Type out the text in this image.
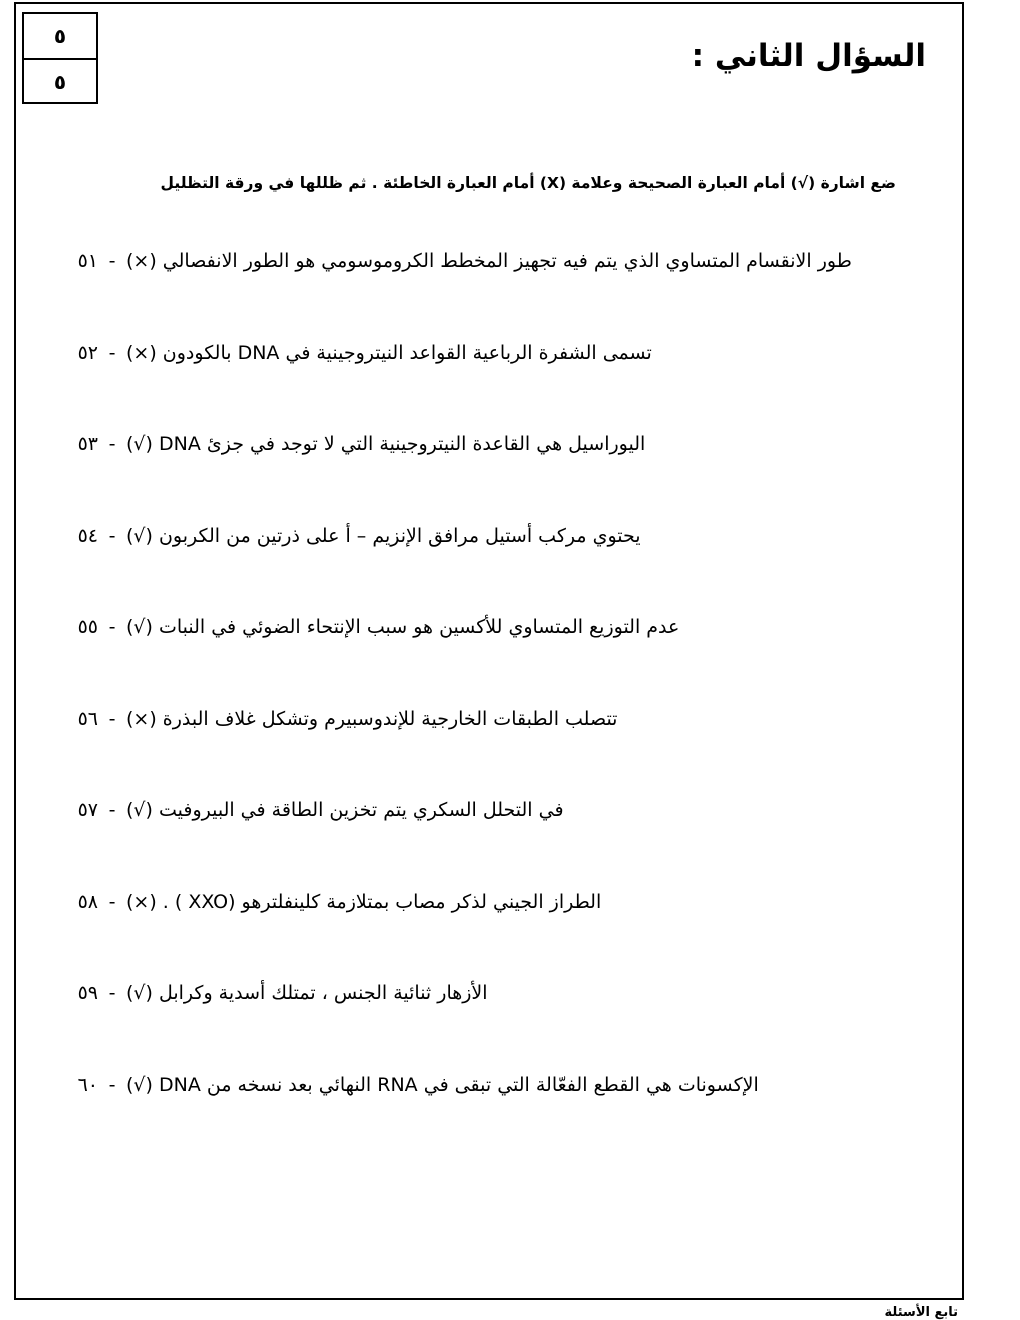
٥
٥
السؤال الثاني :
ضع اشارة (√) أمام العبارة الصحيحة وعلامة (X) أمام العبارة الخاطئة . ثم ظللها في ورقة التظليل
٥١ - طور الانقسام المتساوي الذي يتم فيه تجهيز المخطط الكروموسومي هو الطور الانفصالي (×)
٥٢ - تسمى الشفرة الرباعية القواعد النيتروجينية في DNA بالكودون (×)
٥٣ - اليوراسيل هي القاعدة النيتروجينية التي لا توجد في جزئ DNA (√)
٥٤ - يحتوي مركب أستيل مرافق الإنزيم – أ على ذرتين من الكربون (√)
٥٥ - عدم التوزيع المتساوي للأكسين هو سبب الإنتحاء الضوئي في النبات (√)
٥٦ - تتصلب الطبقات الخارجية للإندوسبيرم وتشكل غلاف البذرة (×)
٥٧ - في التحلل السكري يتم تخزين الطاقة في البيروفيت (√)
٥٨ - الطراز الجيني لذكر مصاب بمتلازمة كلينفلترهو (XXO ) . (×)
٥٩ - الأزهار ثنائية الجنس ، تمتلك أسدية وكرابل (√)
٦٠ - الإكسونات هي القطع الفعّالة التي تبقى في RNA النهائي بعد نسخه من DNA (√)
تابع الأسئلة
